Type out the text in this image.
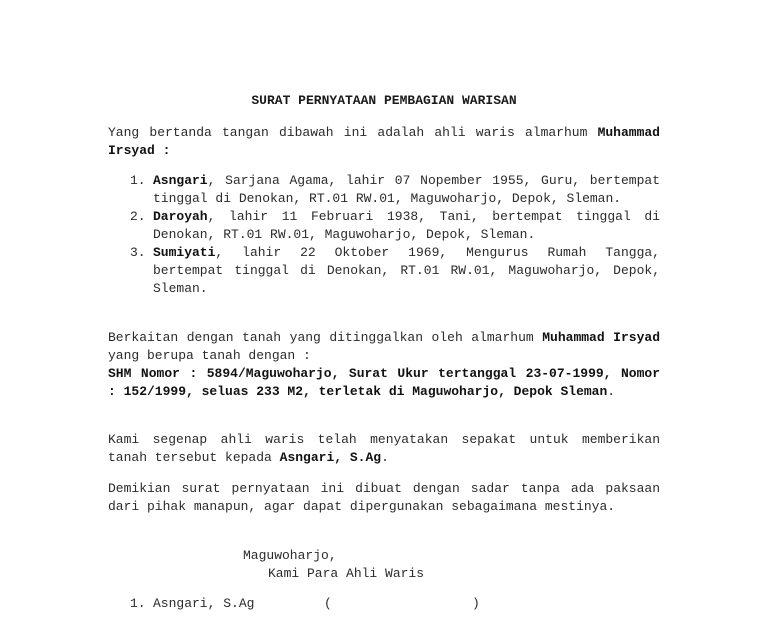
SURAT PERNYATAAN PEMBAGIAN WARISAN
Yang bertanda tangan dibawah ini adalah ahli waris almarhum Muhammad Irsyad :
1. Asngari, Sarjana Agama, lahir 07 Nopember 1955, Guru, bertempat tinggal di Denokan, RT.01 RW.01, Maguwoharjo, Depok, Sleman.
2. Daroyah, lahir 11 Februari 1938, Tani, bertempat tinggal di Denokan, RT.01 RW.01, Maguwoharjo, Depok, Sleman.
3. Sumiyati, lahir 22 Oktober 1969, Mengurus Rumah Tangga, bertempat tinggal di Denokan, RT.01 RW.01, Maguwoharjo, Depok, Sleman.
Berkaitan dengan tanah yang ditinggalkan oleh almarhum Muhammad Irsyad yang berupa tanah dengan :
SHM Nomor : 5894/Maguwoharjo, Surat Ukur tertanggal 23-07-1999, Nomor : 152/1999, seluas 233 M2, terletak di Maguwoharjo, Depok Sleman.
Kami segenap ahli waris telah menyatakan sepakat untuk memberikan tanah tersebut kepada Asngari, S.Ag.
Demikian surat pernyataan ini dibuat dengan sadar tanpa ada paksaan dari pihak manapun, agar dapat dipergunakan sebagaimana mestinya.
Maguwoharjo,
Kami Para Ahli Waris
1. Asngari, S.Ag	(	)
